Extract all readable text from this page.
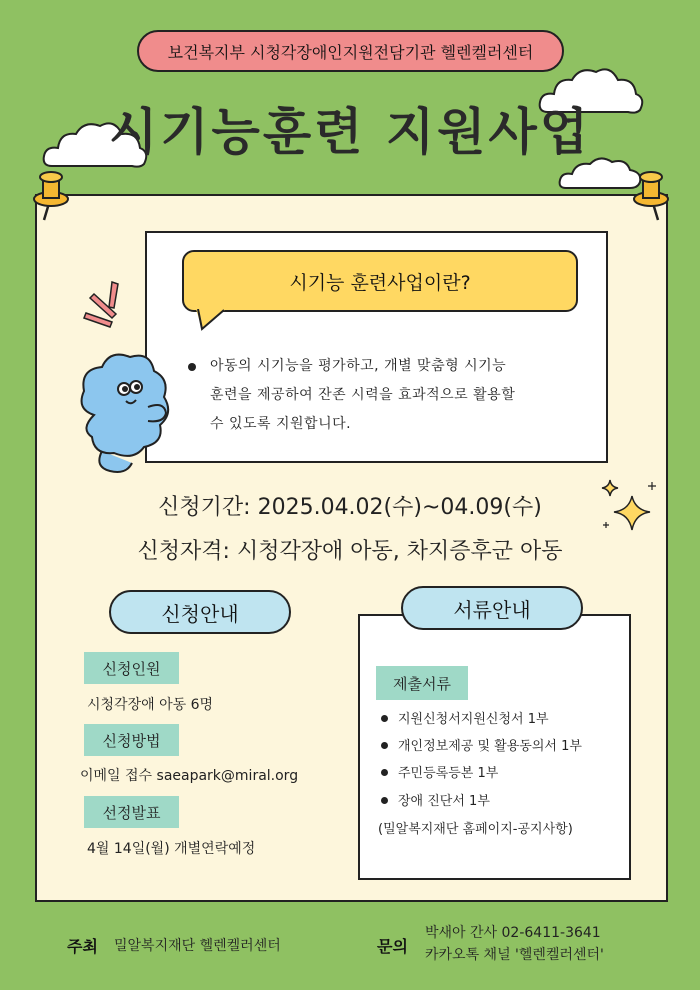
보건복지부 시청각장애인지원전담기관 헬렌켈러센터
시기능훈련 지원사업
시기능 훈련사업이란?

아동의 시기능을 평가하고, 개별 맞춤형 시기능

훈련을 제공하여 잔존 시력을 효과적으로 활용할

수 있도록 지원합니다.

신청기간: 2025.04.02(수)~04.09(수)
신청자격: 시청각장애 아동, 차지증후군 아동
신청안내
신청인원
시청각장애 아동 6명
신청방법
이메일 접수 saeapark@miral.org
선정발표
4월 14일(월) 개별연락예정
서류안내
제출서류
지원신청서지원신청서 1부
개인정보제공 및 활용동의서 1부
주민등록등본 1부
장애 진단서 1부
(밀알복지재단 홈페이지-공지사항)
주최 밀알복지재단 헬렌켈러센터	문의
박새아 간사 02-6411-3641
카카오톡 채널 '헬렌켈러센터'
